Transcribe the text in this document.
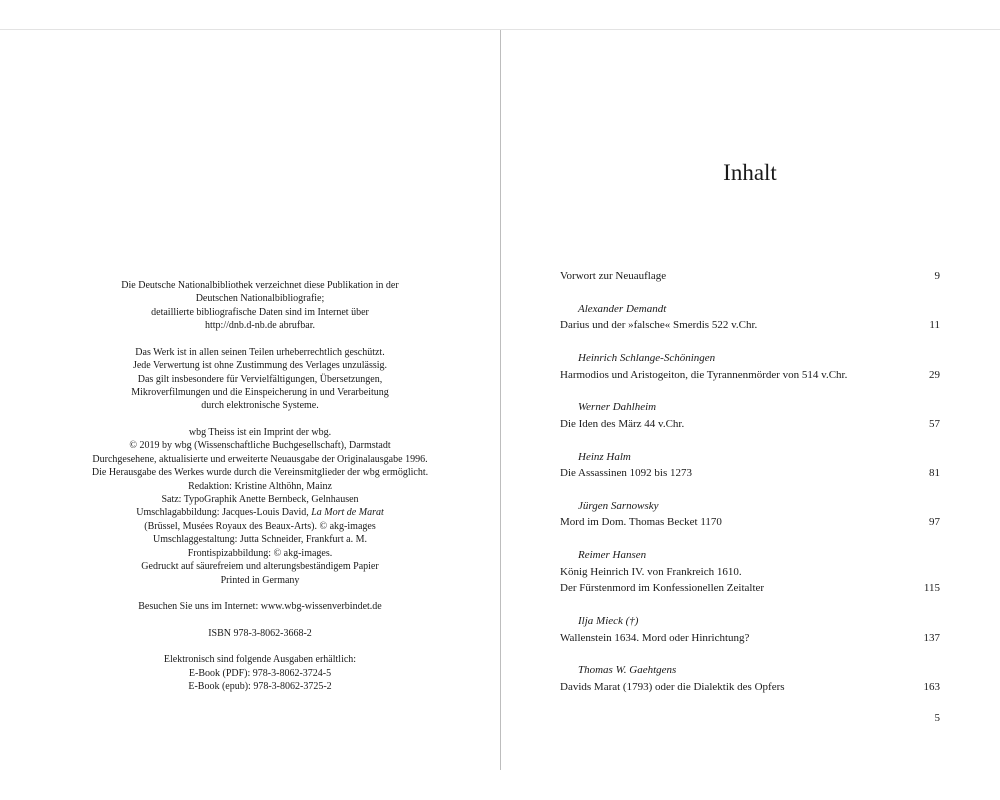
Die Deutsche Nationalbibliothek verzeichnet diese Publikation in der
Deutschen Nationalbibliografie;
detaillierte bibliografische Daten sind im Internet über
http://dnb.d-nb.de abrufbar.
Das Werk ist in allen seinen Teilen urheberrechtlich geschützt.
Jede Verwertung ist ohne Zustimmung des Verlages unzulässig.
Das gilt insbesondere für Vervielfältigungen, Übersetzungen,
Mikroverfilmungen und die Einspeicherung in und Verarbeitung
durch elektronische Systeme.
wbg Theiss ist ein Imprint der wbg.
© 2019 by wbg (Wissenschaftliche Buchgesellschaft), Darmstadt
Durchgesehene, aktualisierte und erweiterte Neuausgabe der Originalausgabe 1996.
Die Herausgabe des Werkes wurde durch die Vereinsmitglieder der wbg ermöglicht.
Redaktion: Kristine Althöhn, Mainz
Satz: TypoGraphik Anette Bernbeck, Gelnhausen
Umschlagabbildung: Jacques-Louis David, La Mort de Marat
(Brüssel, Musées Royaux des Beaux-Arts). © akg-images
Umschlaggestaltung: Jutta Schneider, Frankfurt a. M.
Frontispizabbildung: © akg-images.
Gedruckt auf säurefreiem und alterungsbeständigem Papier
Printed in Germany
Besuchen Sie uns im Internet: www.wbg-wissenverbindet.de
ISBN 978-3-8062-3668-2
Elektronisch sind folgende Ausgaben erhältlich:
E-Book (PDF): 978-3-8062-3724-5
E-Book (epub): 978-3-8062-3725-2
Inhalt
Vorwort zur Neuauflage	9
Alexander Demandt
Darius und der »falsche« Smerdis 522 v.Chr.	11
Heinrich Schlange-Schöningen
Harmodios und Aristogeiton, die Tyrannenmörder von 514 v.Chr.	29
Werner Dahlheim
Die Iden des März 44 v.Chr.	57
Heinz Halm
Die Assassinen 1092 bis 1273	81
Jürgen Sarnowsky
Mord im Dom. Thomas Becket 1170	97
Reimer Hansen
König Heinrich IV. von Frankreich 1610.
Der Fürstenmord im Konfessionellen Zeitalter	115
Ilja Mieck (†)
Wallenstein 1634. Mord oder Hinrichtung?	137
Thomas W. Gaehtgens
Davids Marat (1793) oder die Dialektik des Opfers	163
5
